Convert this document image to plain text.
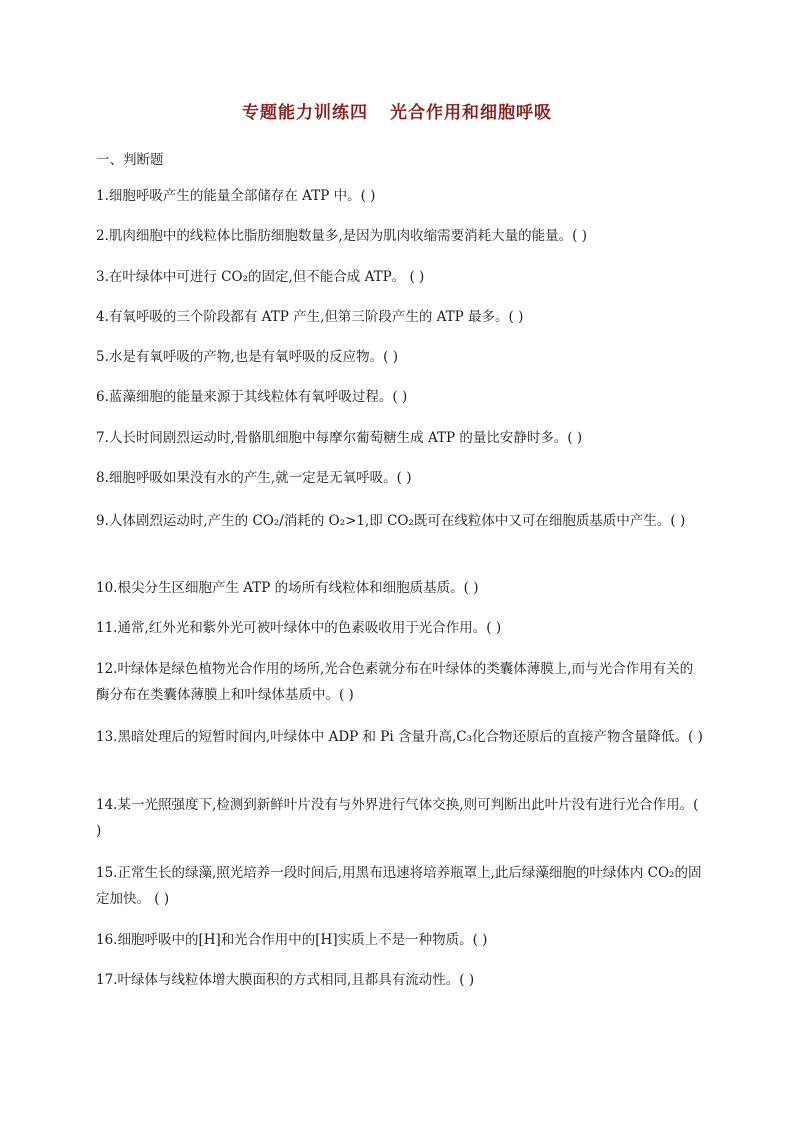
专题能力训练四 光合作用和细胞呼吸
一、判断题

1.细胞呼吸产生的能量全部储存在 ATP 中。( )

2.肌肉细胞中的线粒体比脂肪细胞数量多,是因为肌肉收缩需要消耗大量的能量。( )

3.在叶绿体中可进行 CO₂的固定,但不能合成 ATP。 ( )

4.有氧呼吸的三个阶段都有 ATP 产生,但第三阶段产生的 ATP 最多。( )

5.水是有氧呼吸的产物,也是有氧呼吸的反应物。( )

6.蓝藻细胞的能量来源于其线粒体有氧呼吸过程。( )

7.人长时间剧烈运动时,骨骼肌细胞中每摩尔葡萄糖生成 ATP 的量比安静时多。( )

8.细胞呼吸如果没有水的产生,就一定是无氧呼吸。( )

9.人体剧烈运动时,产生的 CO₂/消耗的 O₂>1,即 CO₂既可在线粒体中又可在细胞质基质中产生。( )

10.根尖分生区细胞产生 ATP 的场所有线粒体和细胞质基质。( )

11.通常,红外光和紫外光可被叶绿体中的色素吸收用于光合作用。( )

12.叶绿体是绿色植物光合作用的场所,光合色素就分布在叶绿体的类囊体薄膜上,而与光合作用有关的酶分布在类囊体薄膜上和叶绿体基质中。( )

13.黑暗处理后的短暂时间内,叶绿体中 ADP 和 Pi 含量升高,C₃化合物还原后的直接产物含量降低。( )

14.某一光照强度下,检测到新鲜叶片没有与外界进行气体交换,则可判断出此叶片没有进行光合作用。( )

15.正常生长的绿藻,照光培养一段时间后,用黑布迅速将培养瓶罩上,此后绿藻细胞的叶绿体内 CO₂的固定加快。 ( )

16.细胞呼吸中的[H]和光合作用中的[H]实质上不是一种物质。( )

17.叶绿体与线粒体增大膜面积的方式相同,且都具有流动性。( )
